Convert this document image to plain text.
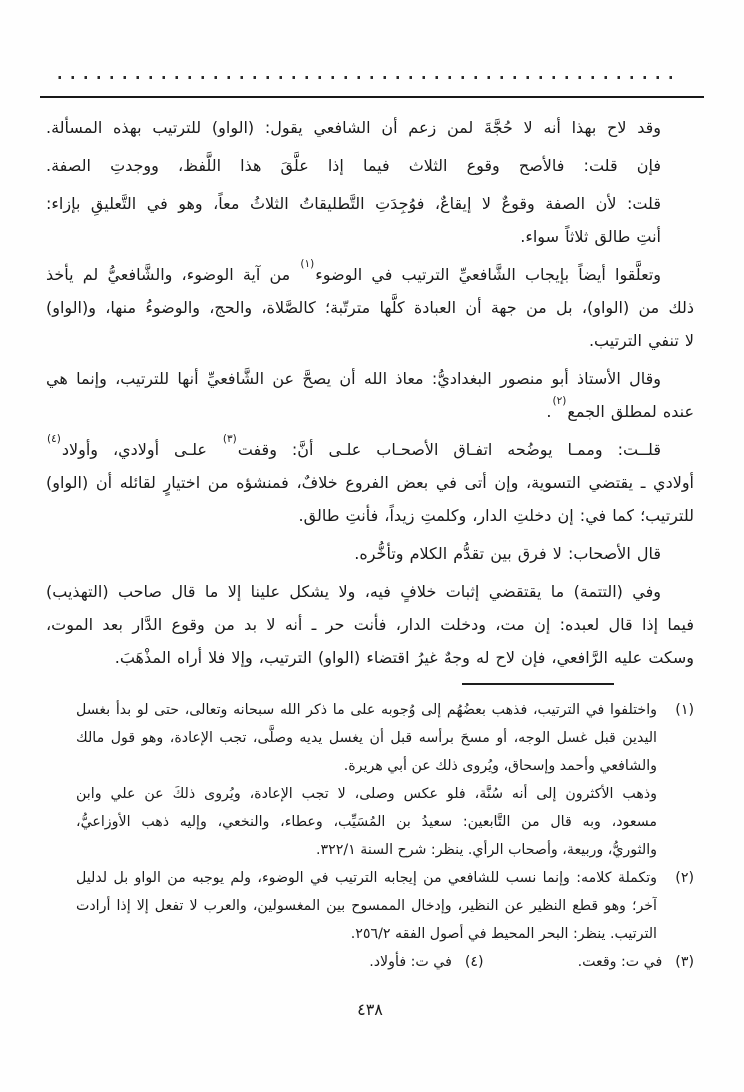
وقد لاح بهذا أنه لا حُجَّةَ لمن زعم أن الشافعي يقول: (الواو) للترتيب بهذه المسألة.
فإن قلت: فالأصح وقوع الثلاث فيما إذا علَّقَ هذا اللَّفظ، ووجدتِ الصفة.
قلت: لأن الصفة وقوعٌ لا إيقاعٌ، فوُجِدَتِ التَّطليقاتُ الثلاثُ معاً، وهو في التَّعليقِ بإزاء:
أنتِ طالق ثلاثاً سواء.
وتعلَّقوا أيضاً بإيجاب الشَّافعيِّ الترتيب في الوضوء$^{(١)}$ من آية الوضوء، والشَّافعيُّ لم يأخذ
ذلك من (الواو)، بل من جهة أن العبادة كلَّها مترتّبة؛ كالصَّلاة، والحج، والوضوءُ منها، و(الواو)
لا تنفي الترتيب.
وقال الأستاذ أبو منصور البغداديُّ: معاذ الله أن يصحَّ عن الشَّافعيِّ أنها للترتيب، وإنما هي
عنده لمطلق الجمع$^{(٢)}$.
قلــت: وممـا يوضُحه اتفـاق الأصحـاب علـى أنَّ: وقفت$^{(٣)}$ علـى أولادي، وأولاد$^{(٤)}$
أولادي ـ يقتضي التسوية، وإن أتى في بعض الفروع خلافٌ، فمنشؤه من اختيارٍ لقائله أن (الواو)
للترتيب؛ كما في: إن دخلتِ الدار، وكلمتِ زيداً، فأنتِ طالق.
قال الأصحاب: لا فرق بين تقدُّم الكلام وتأخُّره.
وفي (التتمة) ما يقتقضي إثبات خلافٍ فيه، ولا يشكل علينا إلا ما قال صاحب (التهذيب)
فيما إذا قال لعبده: إن مت، ودخلت الدار، فأنت حر ـ أنه لا بد من وقوع الدَّار بعد الموت،
وسكت عليه الرَّافعي، فإن لاح له وجهٌ غيرُ اقتضاء (الواو) الترتيب، وإلا فلا أراه المذْهَبَ.
(١)
واختلفوا في الترتيب، فذهب بعضُهُم إلى وُجوبه على ما ذكر الله سبحانه وتعالى، حتى لو بدأ بغسل
اليدين قبل غسل الوجه، أو مسحَ برأسه قبل أن يغسل يديه وصلَّى، تجب الإعادة، وهو قول مالك
والشافعي وأحمد وإسحاق، ويُروى ذلك عن أبي هريرة.
وذهب الأكثرون إلى أنه سُنَّة، فلو عكس وصلى، لا تجب الإعادة، ويُروى ذلكَ عن علي وابن
مسعود، وبه قال من التَّابعين: سعيدُ بن المُسَيِّب، وعطاء، والنخعي، وإليه ذهب الأوزاعيُّ،
والثوريُّ، وربيعة، وأصحاب الرأي. ينظر: شرح السنة ٣٢٢/١.
(٢)
وتكملة كلامه: وإنما نسب للشافعي من إيجابه الترتيب في الوضوء، ولم يوجبه من الواو بل لدليل
آخر؛ وهو قطع النظير عن النظير، وإدخال الممسوح بين المغسولين، والعرب لا تفعل إلا إذا أرادت
الترتيب. ينظر: البحر المحيط في أصول الفقه ٢٥٦/٢.
(٣)في ت: وقعت.
(٤)في ت: فأولاد.
٤٣٨
